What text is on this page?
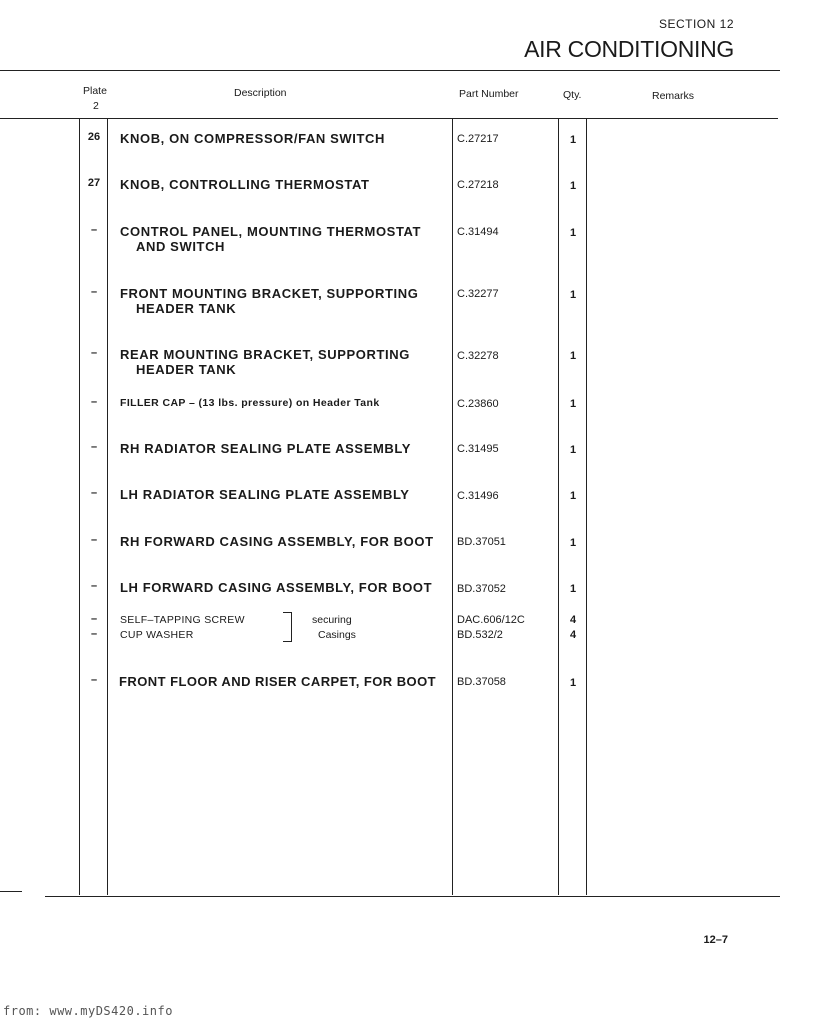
SECTION 12
AIR CONDITIONING
Plate
2
Description	Part Number	Qty.	Remarks
26	KNOB, ON COMPRESSOR/FAN SWITCH	C.27217	1
27	KNOB, CONTROLLING THERMOSTAT	C.27218	1
–	CONTROL PANEL, MOUNTING THERMOSTAT
AND SWITCH
C.31494	1
–	FRONT MOUNTING BRACKET, SUPPORTING
HEADER TANK
C.32277	1
–	REAR MOUNTING BRACKET, SUPPORTING
HEADER TANK
C.32278	1
–	FILLER CAP – (13 lbs. pressure) on Header Tank	C.23860	1
–	RH RADIATOR SEALING PLATE ASSEMBLY	C.31495	1
–	LH RADIATOR SEALING PLATE ASSEMBLY	C.31496	1
–	RH FORWARD CASING ASSEMBLY, FOR BOOT	BD.37051	1
–	LH FORWARD CASING ASSEMBLY, FOR BOOT	BD.37052	1
–	SELF–TAPPING SCREW	DAC.606/12C	4
–	CUP WASHER	BD.532/2	4
securing
Casings
–	FRONT FLOOR AND RISER CARPET, FOR BOOT	BD.37058	1
12–7
from: www.myDS420.info
